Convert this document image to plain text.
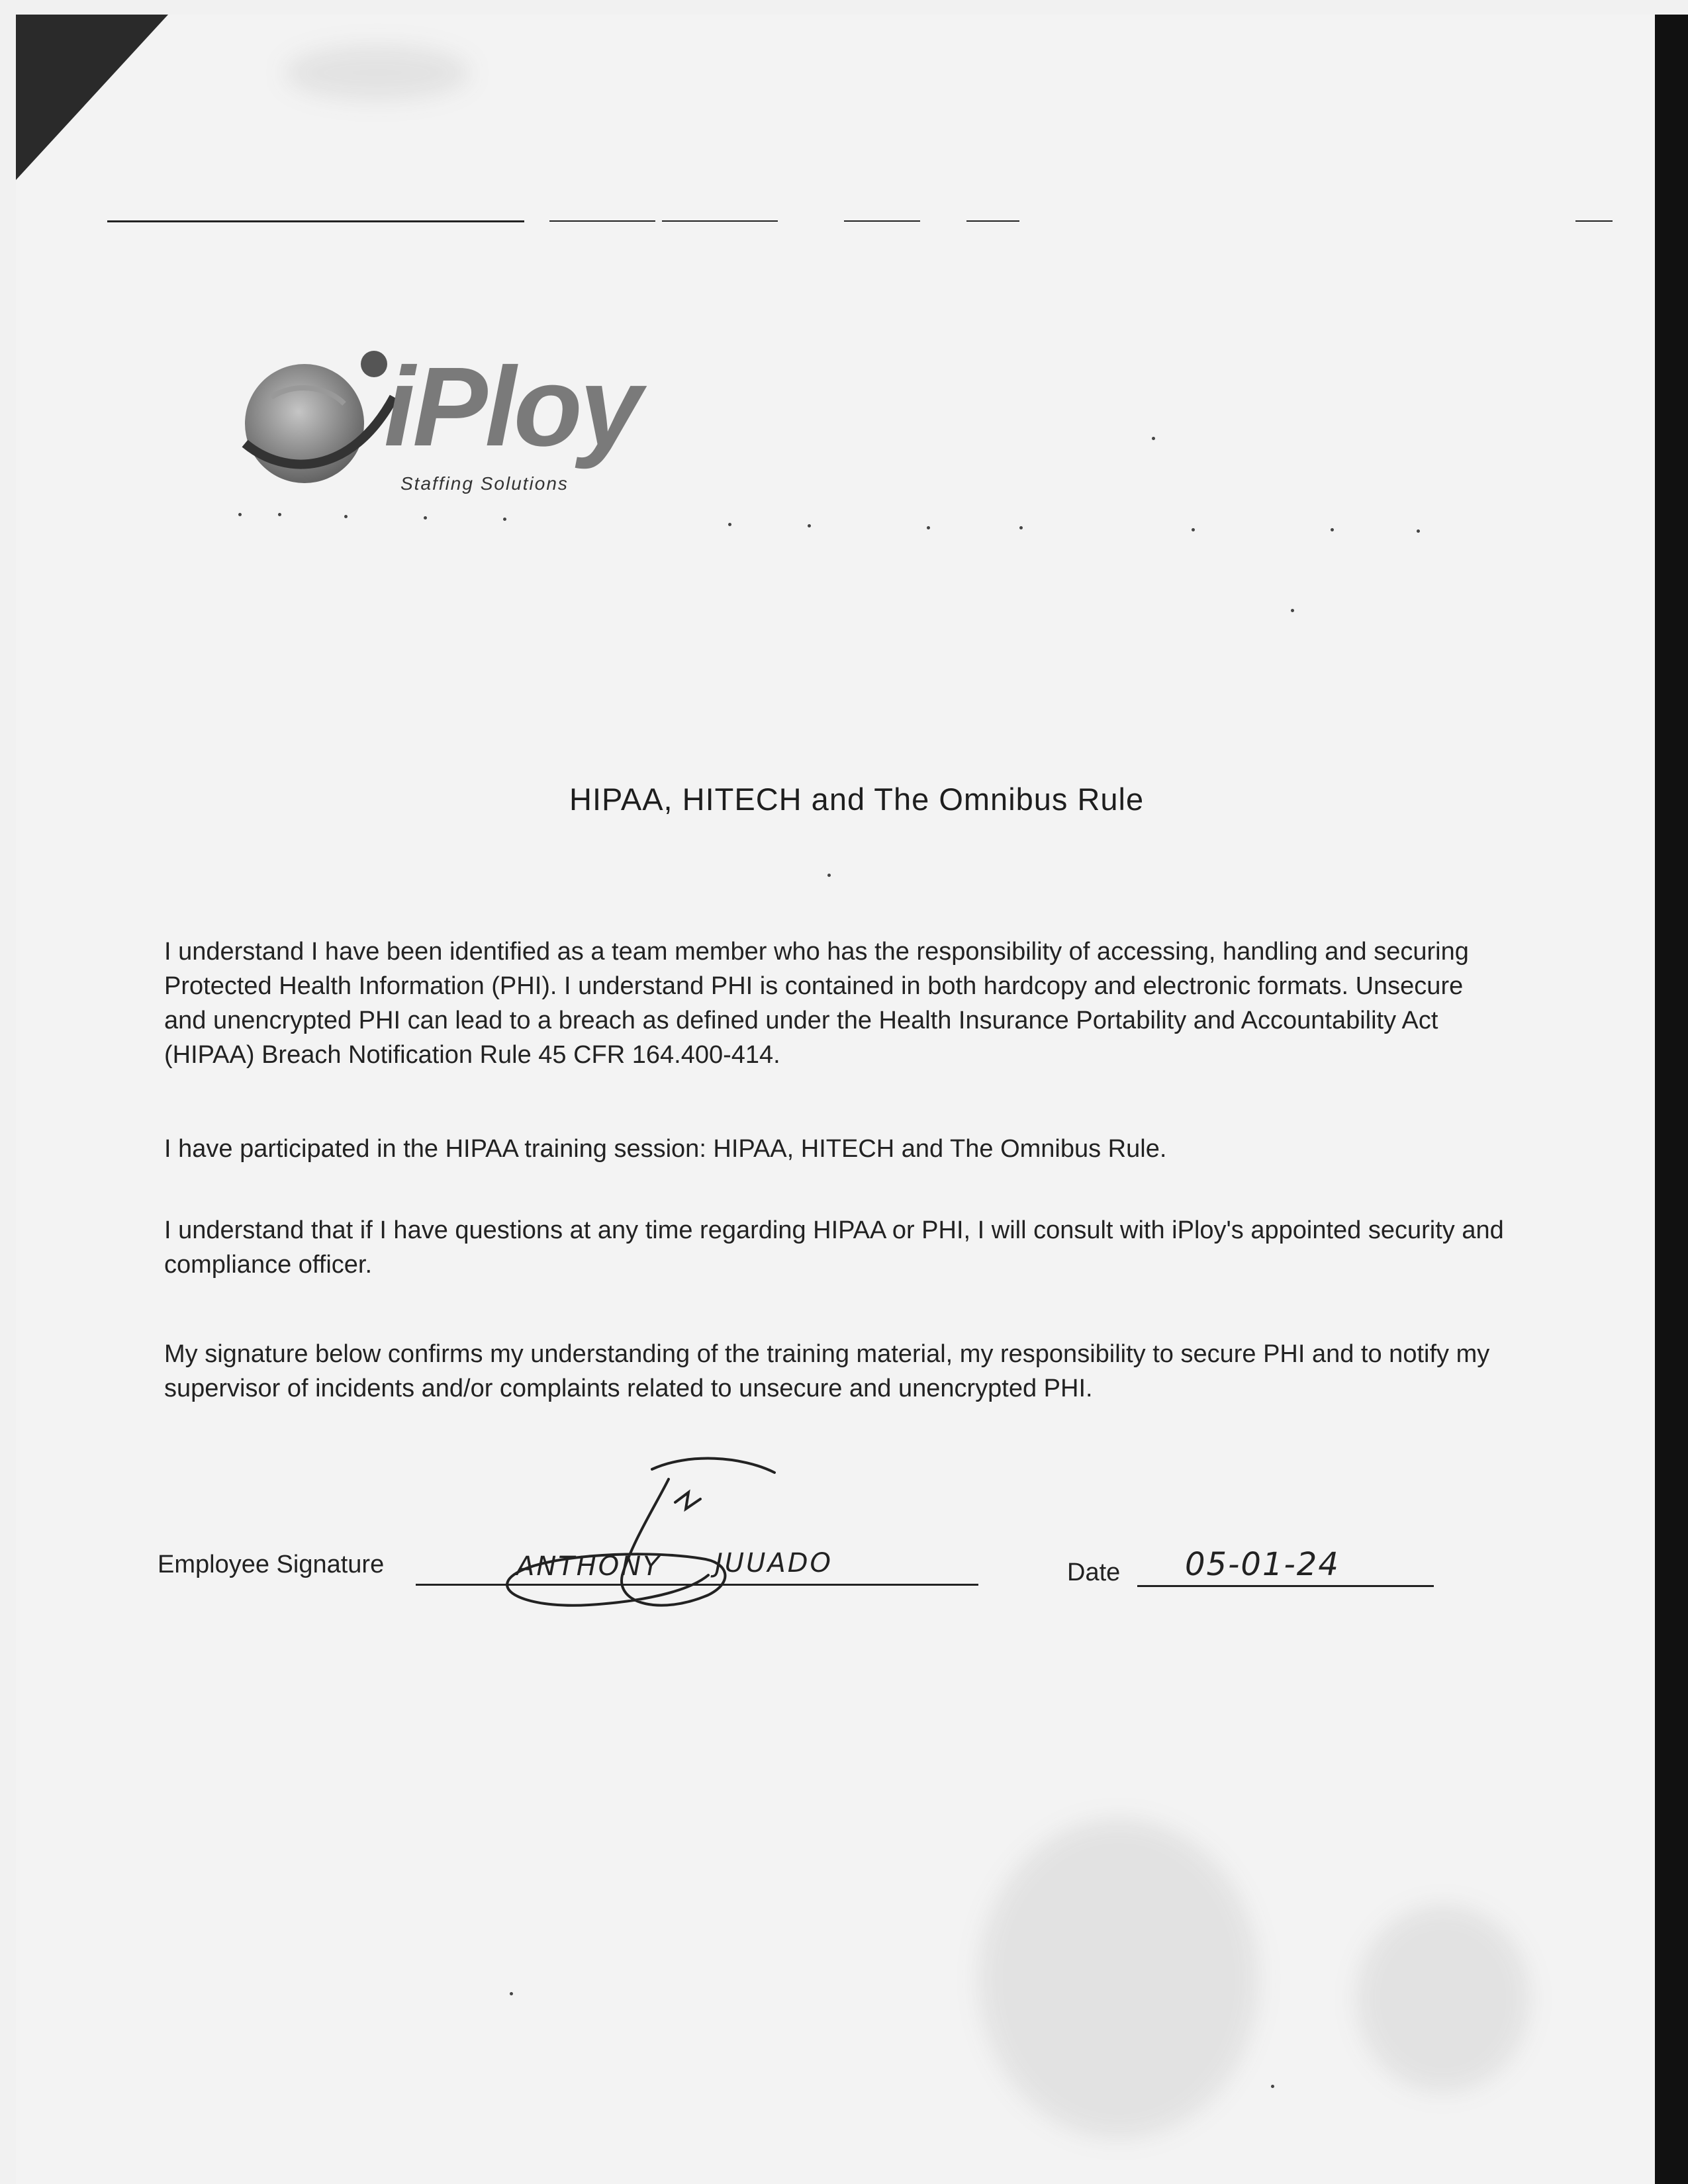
iPloy
Staffing Solutions
HIPAA, HITECH and The Omnibus Rule
I understand I have been identified as a team member who has the responsibility of accessing, handling and securing
Protected Health Information (PHI). I understand PHI is contained in both hardcopy and electronic formats. Unsecure
and unencrypted PHI can lead to a breach as defined under the Health Insurance Portability and Accountability Act
(HIPAA) Breach Notification Rule 45 CFR 164.400-414.
I have participated in the HIPAA training session: HIPAA, HITECH and The Omnibus Rule.
I understand that if I have questions at any time regarding HIPAA or PHI, I will consult with iPloy's appointed security and
compliance officer.
My signature below confirms my understanding of the training material, my responsibility to secure PHI and to notify my
supervisor of incidents and/or complaints related to unsecure and unencrypted PHI.
Employee Signature	ANTHONY JUUADO	Date 05-01-24
